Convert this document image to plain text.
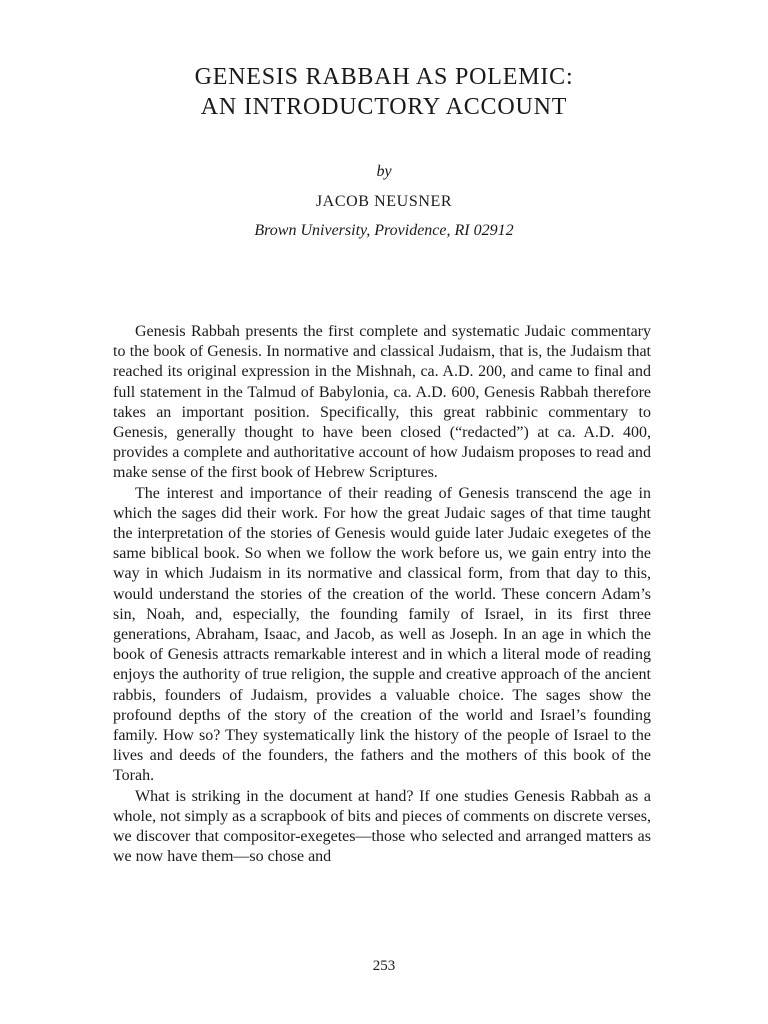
GENESIS RABBAH AS POLEMIC:
AN INTRODUCTORY ACCOUNT
by
JACOB NEUSNER
Brown University, Providence, RI 02912

Genesis Rabbah presents the first complete and systematic Judaic commentary to the book of Genesis. In normative and classical Judaism, that is, the Judaism that reached its original expression in the Mishnah, ca. A.D. 200, and came to final and full statement in the Talmud of Babylonia, ca. A.D. 600, Genesis Rabbah therefore takes an important position. Specifically, this great rabbinic commentary to Genesis, generally thought to have been closed (“redacted”) at ca. A.D. 400, provides a complete and authoritative account of how Judaism proposes to read and make sense of the first book of Hebrew Scriptures.

The interest and importance of their reading of Genesis transcend the age in which the sages did their work. For how the great Judaic sages of that time taught the interpretation of the stories of Genesis would guide later Judaic exegetes of the same biblical book. So when we follow the work before us, we gain entry into the way in which Judaism in its normative and classical form, from that day to this, would understand the stories of the creation of the world. These concern Adam’s sin, Noah, and, especially, the founding family of Israel, in its first three generations, Abraham, Isaac, and Jacob, as well as Joseph. In an age in which the book of Genesis attracts remarkable interest and in which a literal mode of reading enjoys the authority of true religion, the supple and creative approach of the ancient rabbis, founders of Judaism, provides a valuable choice. The sages show the profound depths of the story of the creation of the world and Israel’s founding family. How so? They systematically link the history of the people of Israel to the lives and deeds of the founders, the fathers and the mothers of this book of the Torah.

What is striking in the document at hand? If one studies Genesis Rabbah as a whole, not simply as a scrapbook of bits and pieces of comments on discrete verses, we discover that compositor-exegetes—those who selected and arranged matters as we now have them—so chose and

253
